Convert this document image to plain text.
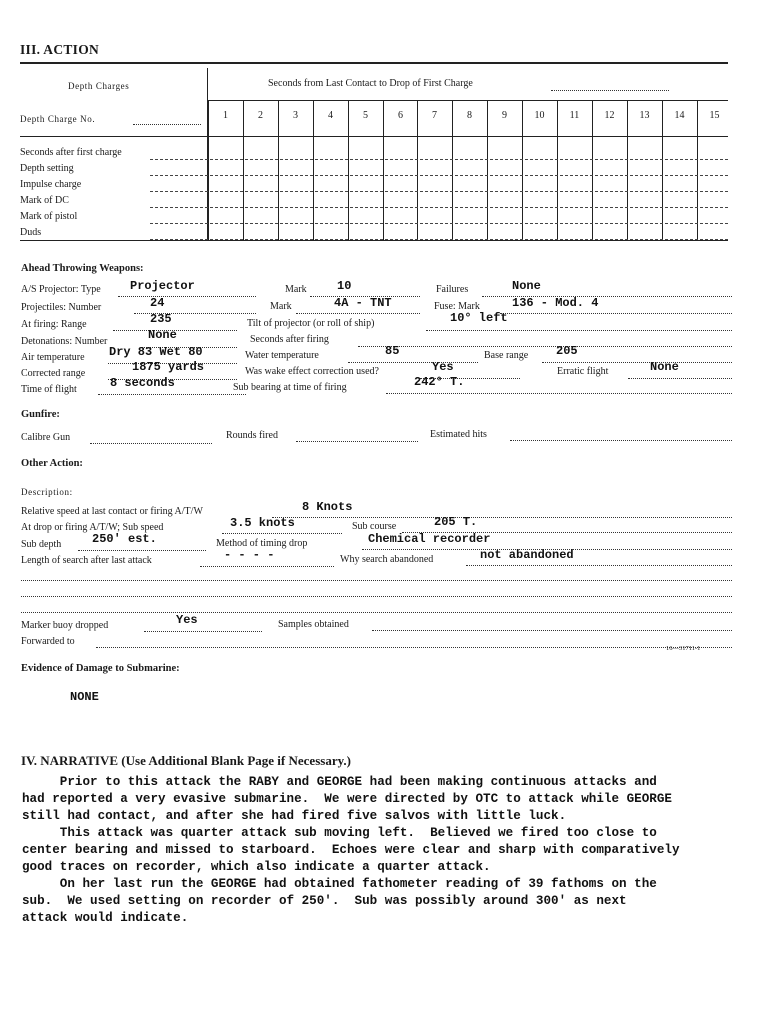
III. ACTION
Depth Charges	Seconds from Last Contact to Drop of First Charge
Depth Charge No.	1	2	3	4	5	6	7	8	9	10	11	12	13	14	15
Seconds after first charge
Depth setting
Impulse charge
Mark of DC
Mark of pistol
Duds
Ahead Throwing Weapons:
A/S Projector: Type Projector	Mark	10	Failures	None
Projectiles: Number	24	Mark	4A - TNT	Fuse: Mark	136 - Mod. 4
At firing: Range	235	Tilt of projector (or roll of ship)	10° left
Detonations: Number	None	Seconds after firing
Air temperature Dry 83 Wet 80	Water temperature	85	Base range 205
Corrected range	1875 yards	Was wake effect correction used?	Yes	Erratic flight	None
Time of flight	8 seconds	Sub bearing at time of firing	242° T.
Gunfire:
Calibre Gun	Rounds fired	Estimated hits
Other Action:
Description:
Relative speed at last contact or firing A/T/W	8 Knots
At drop or firing A/T/W; Sub speed	3.5 knots	Sub course	205 T.
Sub depth	250' est.	Method of timing drop	Chemical recorder
Length of search after last attack	- - - -	Why search abandoned	not abandoned
Marker buoy dropped	Yes	Samples obtained
Forwarded to
16—31711-1
Evidence of Damage to Submarine:
NONE
IV. NARRATIVE (Use Additional Blank Page if Necessary.)
Prior to this attack the RABY and GEORGE had been making continuous attacks and
had reported a very evasive submarine.  We were directed by OTC to attack while GEORGE
still had contact, and after she had fired five salvos with little luck.
This attack was quarter attack sub moving left.  Believed we fired too close to
center bearing and missed to starboard.  Echoes were clear and sharp with comparatively
good traces on recorder, which also indicate a quarter attack.
On her last run the GEORGE had obtained fathometer reading of 39 fathoms on the
sub.  We used setting on recorder of 250'.  Sub was possibly around 300' as next
attack would indicate.
